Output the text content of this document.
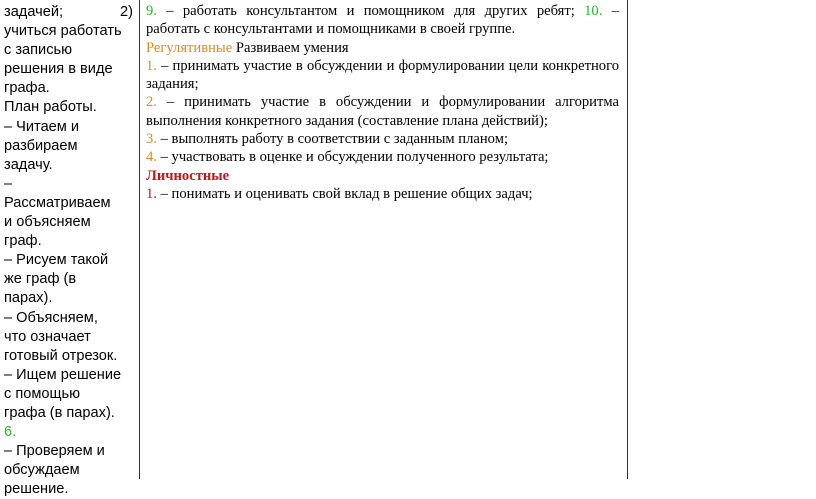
задачей;	2)
учиться работать
с записью
решения в виде
графа.
План работы.
– Читаем и
разбираем
задачу.
–
Рассматриваем
и объясняем
граф.
– Рисуем такой
же граф (в
парах).
– Объясняем,
что означает
готовый отрезок.
– Ищем решение
с помощью
графа (в парах).
6.
– Проверяем и
обсуждаем
решение.
9. – работать консультантом и помощником для других ребят; 10. – работать с консультантами и помощниками в своей группе.
Регулятивные Развиваем умения
1. – принимать участие в обсуждении и формулировании цели конкретного задания;
2. – принимать участие в обсуждении и формулировании алгоритма выполнения конкретного задания (составление плана действий);
3. – выполнять работу в соответствии с заданным планом;
4. – участвовать в оценке и обсуждении полученного результата;
Личностные
1. – понимать и оценивать свой вклад в решение общих задач;
